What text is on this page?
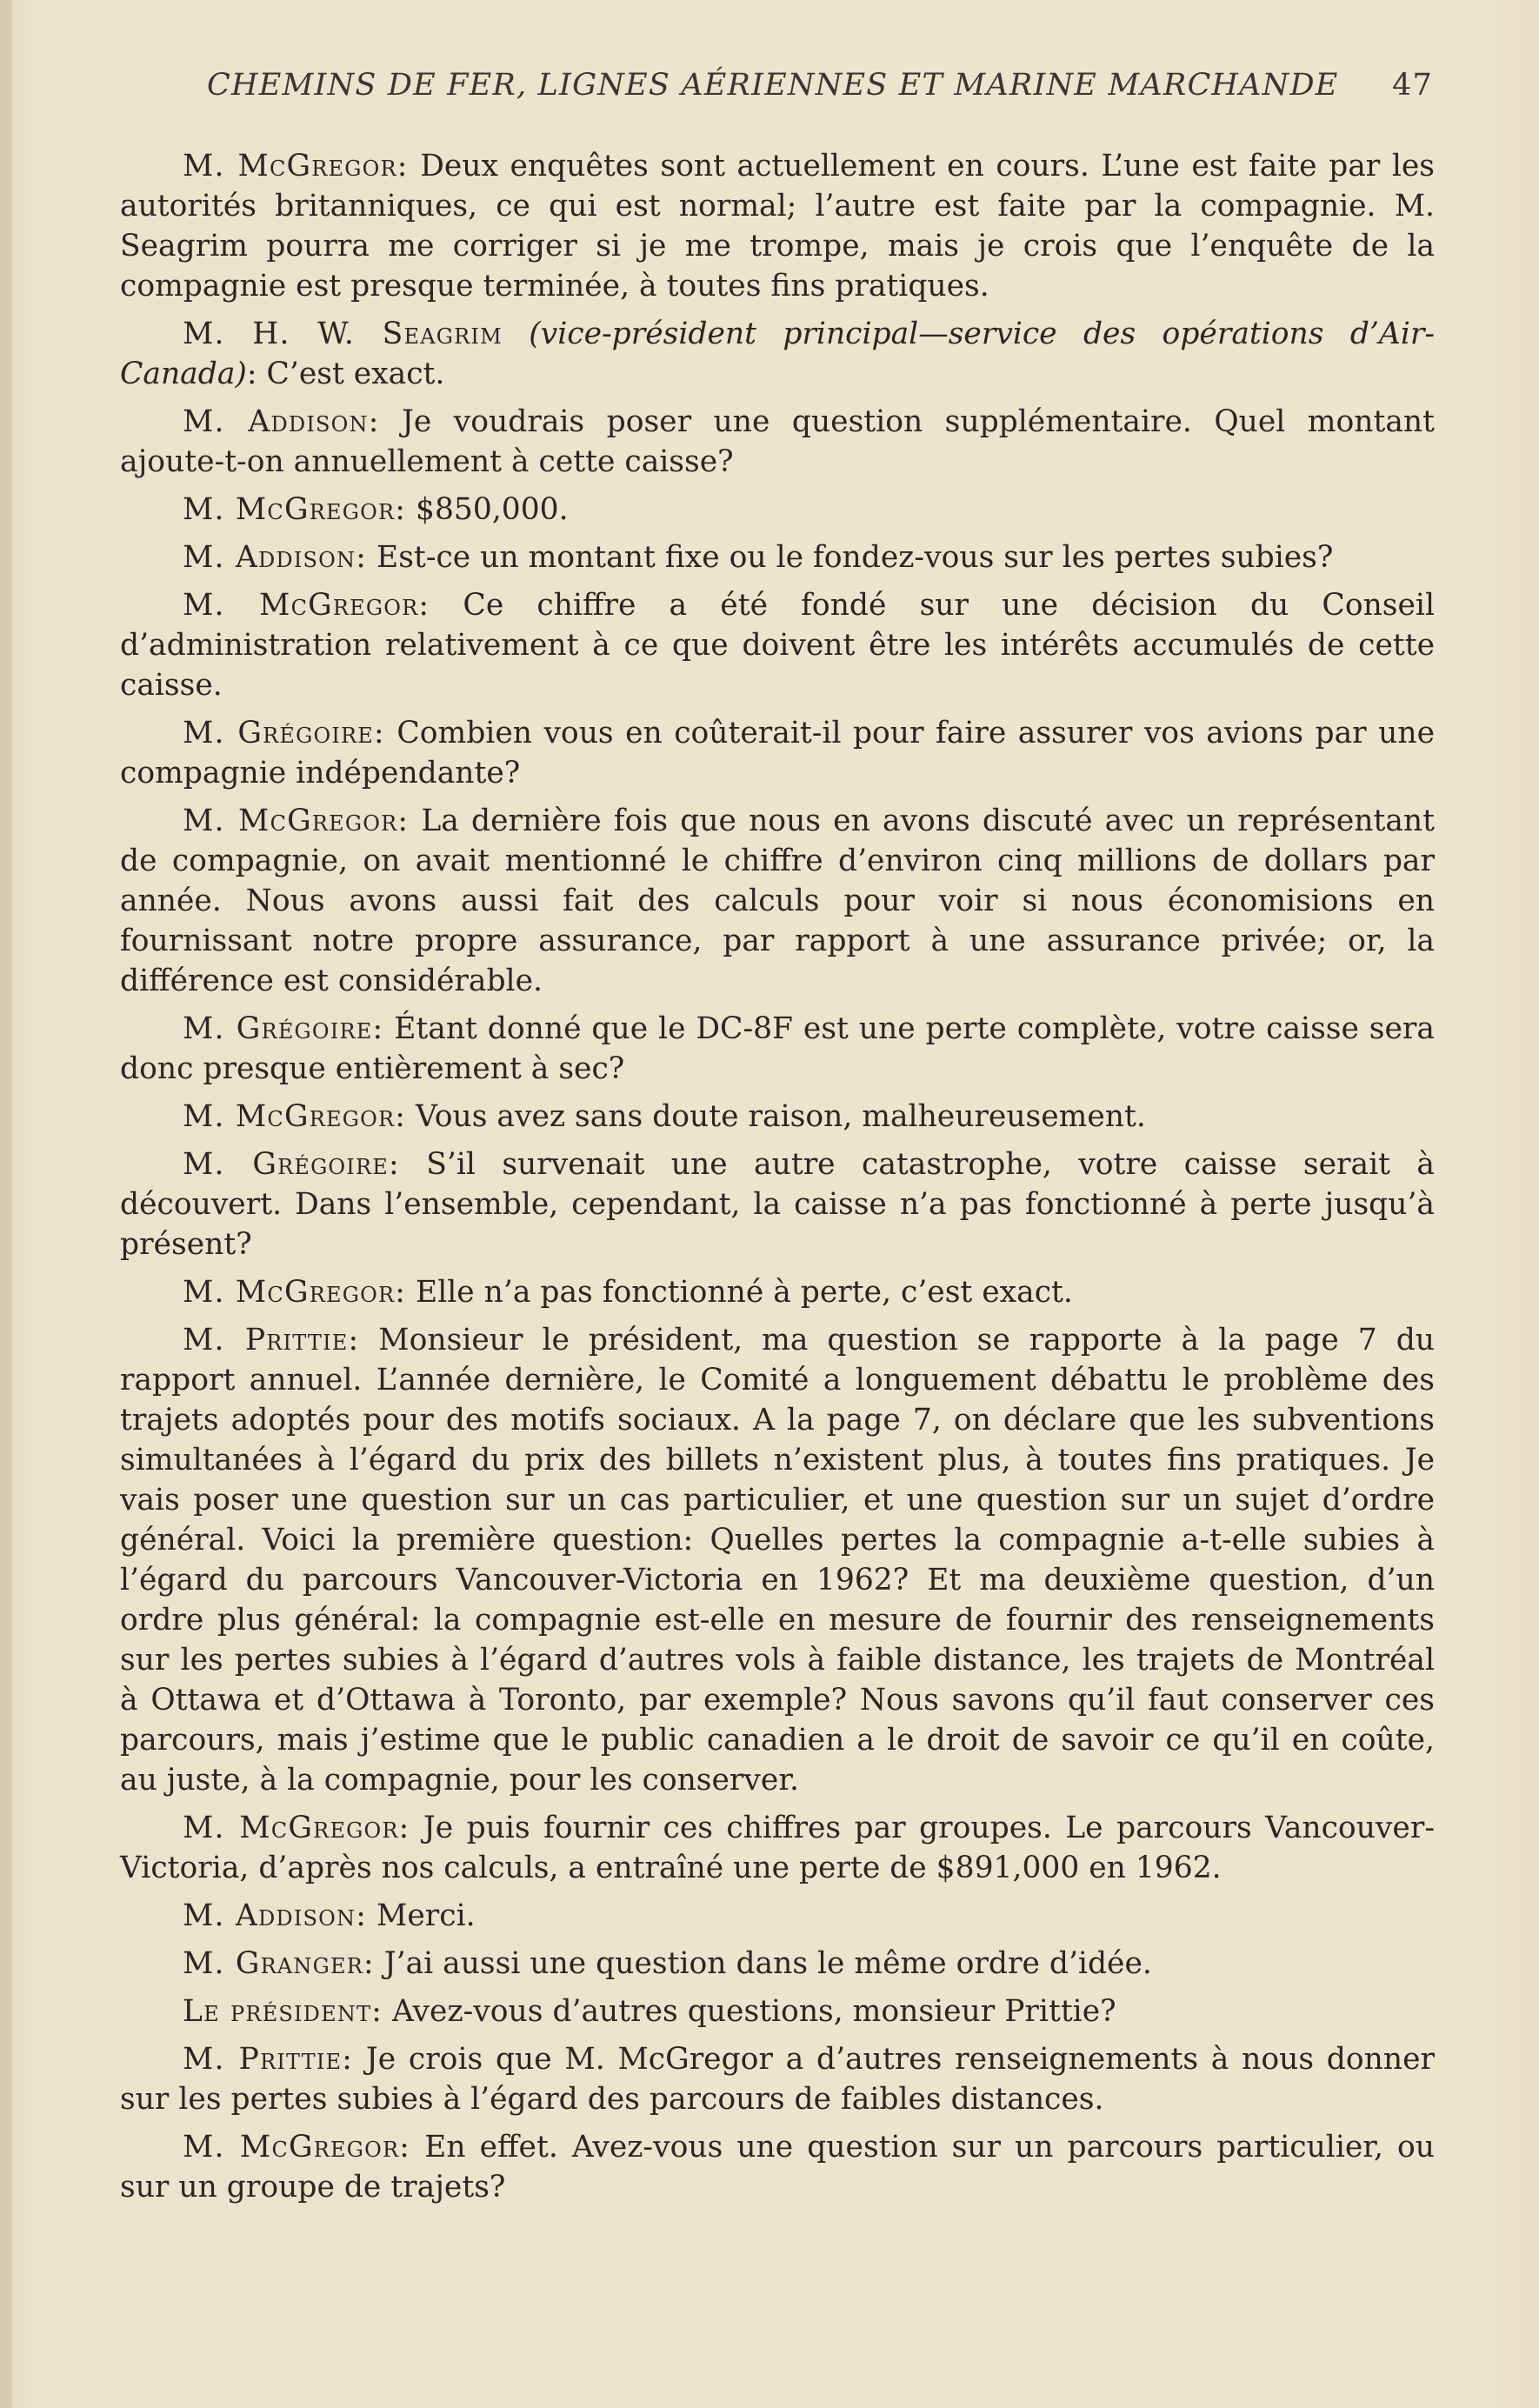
CHEMINS DE FER, LIGNES AÉRIENNES ET MARINE MARCHANDE 47

M. McGregor: Deux enquêtes sont actuellement en cours. L’une est faite par les autorités britanniques, ce qui est normal; l’autre est faite par la compagnie. M. Seagrim pourra me corriger si je me trompe, mais je crois que l’enquête de la compagnie est presque terminée, à toutes fins pratiques.

M. H. W. Seagrim (vice-président principal—service des opérations d’Air-Canada): C’est exact.

M. Addison: Je voudrais poser une question supplémentaire. Quel montant ajoute-t-on annuellement à cette caisse?

M. McGregor: $850,000.

M. Addison: Est-ce un montant fixe ou le fondez-vous sur les pertes subies?

M. McGregor: Ce chiffre a été fondé sur une décision du Conseil d’administration relativement à ce que doivent être les intérêts accumulés de cette caisse.

M. Grégoire: Combien vous en coûterait-il pour faire assurer vos avions par une compagnie indépendante?

M. McGregor: La dernière fois que nous en avons discuté avec un représentant de compagnie, on avait mentionné le chiffre d’environ cinq millions de dollars par année. Nous avons aussi fait des calculs pour voir si nous économisions en fournissant notre propre assurance, par rapport à une assurance privée; or, la différence est considérable.

M. Grégoire: Étant donné que le DC-8F est une perte complète, votre caisse sera donc presque entièrement à sec?

M. McGregor: Vous avez sans doute raison, malheureusement.

M. Grégoire: S’il survenait une autre catastrophe, votre caisse serait à découvert. Dans l’ensemble, cependant, la caisse n’a pas fonctionné à perte jusqu’à présent?

M. McGregor: Elle n’a pas fonctionné à perte, c’est exact.

M. Prittie: Monsieur le président, ma question se rapporte à la page 7 du rapport annuel. L’année dernière, le Comité a longuement débattu le problème des trajets adoptés pour des motifs sociaux. A la page 7, on déclare que les subventions simultanées à l’égard du prix des billets n’existent plus, à toutes fins pratiques. Je vais poser une question sur un cas particulier, et une question sur un sujet d’ordre général. Voici la première question: Quelles pertes la compagnie a-t-elle subies à l’égard du parcours Vancouver-Victoria en 1962? Et ma deuxième question, d’un ordre plus général: la compagnie est-elle en mesure de fournir des renseignements sur les pertes subies à l’égard d’autres vols à faible distance, les trajets de Montréal à Ottawa et d’Ottawa à Toronto, par exemple? Nous savons qu’il faut conserver ces parcours, mais j’estime que le public canadien a le droit de savoir ce qu’il en coûte, au juste, à la compagnie, pour les conserver.

M. McGregor: Je puis fournir ces chiffres par groupes. Le parcours Vancouver-Victoria, d’après nos calculs, a entraîné une perte de $891,000 en 1962.

M. Addison: Merci.

M. Granger: J’ai aussi une question dans le même ordre d’idée.

Le président: Avez-vous d’autres questions, monsieur Prittie?

M. Prittie: Je crois que M. McGregor a d’autres renseignements à nous donner sur les pertes subies à l’égard des parcours de faibles distances.

M. McGregor: En effet. Avez-vous une question sur un parcours particulier, ou sur un groupe de trajets?
